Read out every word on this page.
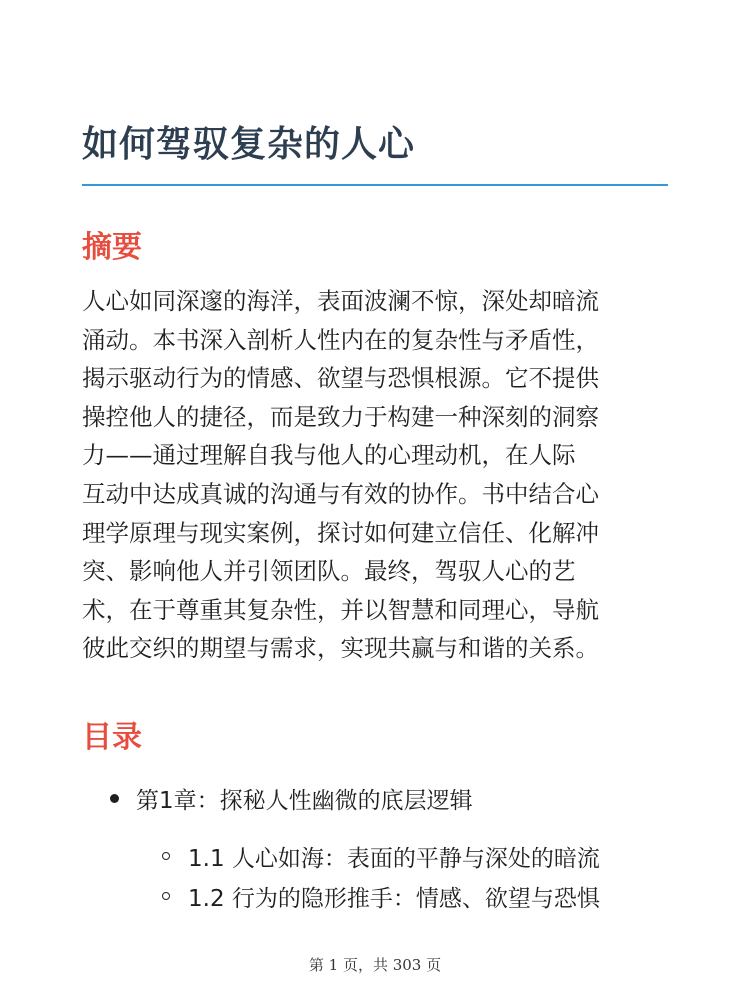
如何驾驭复杂的人心
摘要
人心如同深邃的海洋，表面波澜不惊，深处却暗流
涌动。本书深入剖析人性内在的复杂性与矛盾性，
揭示驱动行为的情感、欲望与恐惧根源。它不提供
操控他人的捷径，而是致力于构建一种深刻的洞察
力——通过理解自我与他人的心理动机，在人际
互动中达成真诚的沟通与有效的协作。书中结合心
理学原理与现实案例，探讨如何建立信任、化解冲
突、影响他人并引领团队。最终，驾驭人心的艺
术，在于尊重其复杂性，并以智慧和同理心，导航
彼此交织的期望与需求，实现共赢与和谐的关系。
目录
第1章：探秘人性幽微的底层逻辑
1.1 人心如海：表面的平静与深处的暗流
1.2 行为的隐形推手：情感、欲望与恐惧
第 1 页，共 303 页
